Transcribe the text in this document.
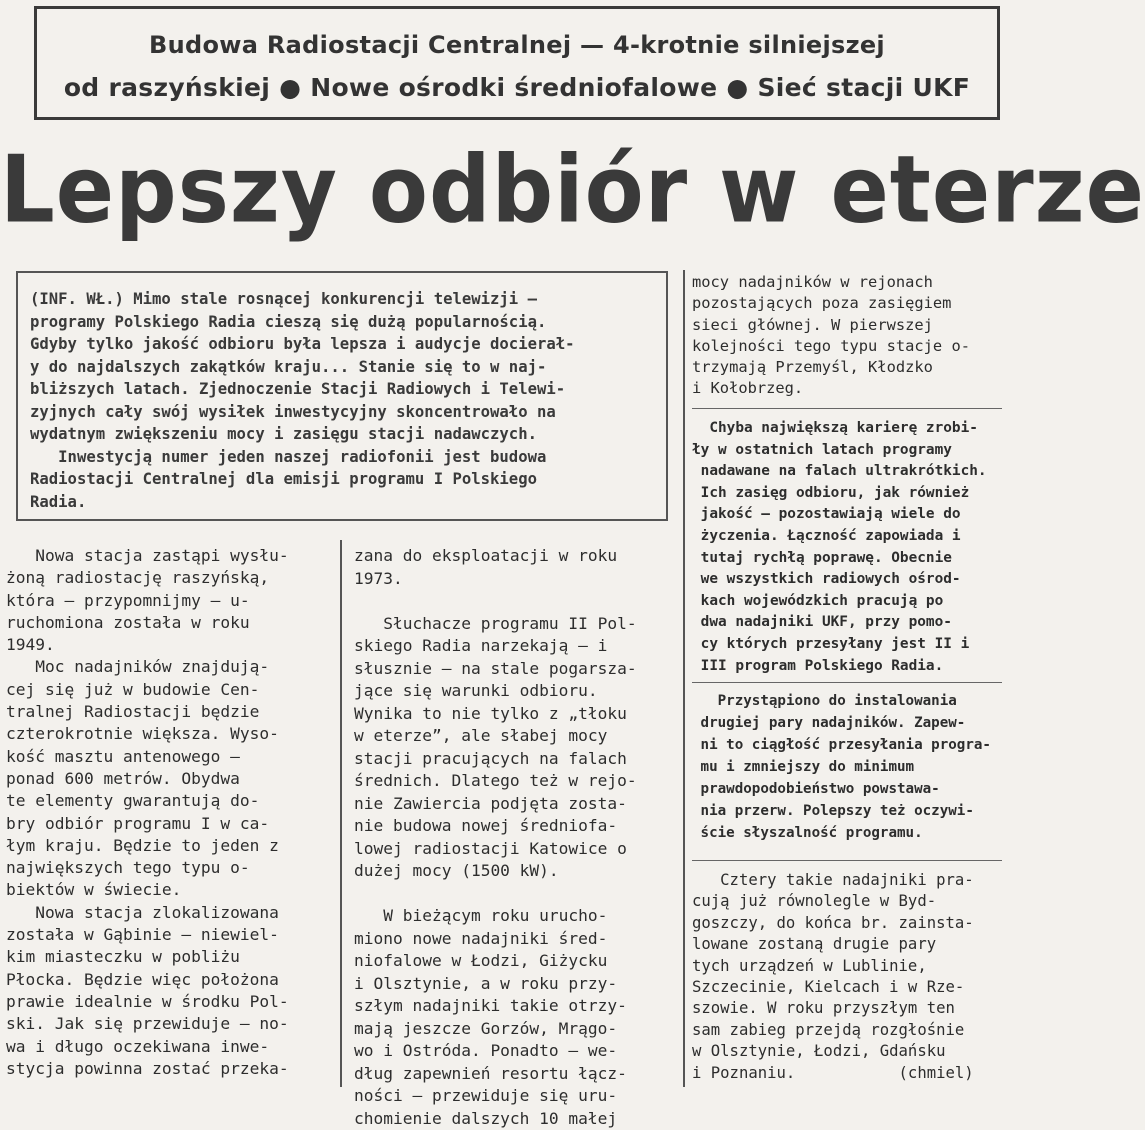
Budowa Radiostacji Centralnej — 4-krotnie silniejszej
od raszyńskiej ● Nowe ośrodki średniofalowe ● Sieć stacji UKF
Lepszy odbiór w eterze
(INF. WŁ.) Mimo stale rosnącej konkurencji telewizji —
programy Polskiego Radia cieszą się dużą popularnością.
Gdyby tylko jakość odbioru była lepsza i audycje docierał-
y do najdalszych zakątków kraju... Stanie się to w naj-
bliższych latach. Zjednoczenie Stacji Radiowych i Telewi-
zyjnych cały swój wysiłek inwestycyjny skoncentrowało na
wydatnym zwiększeniu mocy i zasięgu stacji nadawczych.
Inwestycją numer jeden naszej radiofonii jest budowa
Radiostacji Centralnej dla emisji programu I Polskiego
Radia.
Nowa stacja zastąpi wysłu-
żoną radiostację raszyńską,
która — przypomnijmy — u-
ruchomiona została w roku
1949.
Moc nadajników znajdują-
cej się już w budowie Cen-
tralnej Radiostacji będzie
czterokrotnie większa. Wyso-
kość masztu antenowego —
ponad 600 metrów. Obydwa
te elementy gwarantują do-
bry odbiór programu I w ca-
łym kraju. Będzie to jeden z
największych tego typu o-
biektów w świecie.
Nowa stacja zlokalizowana
została w Gąbinie — niewiel-
kim miasteczku w pobliżu
Płocka. Będzie więc położona
prawie idealnie w środku Pol-
ski. Jak się przewiduje — no-
wa i długo oczekiwana inwe-
stycja powinna zostać przeka-
zana do eksploatacji w roku
1973.

Słuchacze programu II Pol-
skiego Radia narzekają — i
słusznie — na stale pogarsza-
jące się warunki odbioru.
Wynika to nie tylko z „tłoku
w eterze”, ale słabej mocy
stacji pracujących na falach
średnich. Dlatego też w rejo-
nie Zawiercia podjęta zosta-
nie budowa nowej średniofa-
lowej radiostacji Katowice o
dużej mocy (1500 kW).

W bieżącym roku urucho-
miono nowe nadajniki śred-
niofalowe w Łodzi, Giżycku
i Olsztynie, a w roku przy-
szłym nadajniki takie otrzy-
mają jeszcze Gorzów, Mrągo-
wo i Ostróda. Ponadto — we-
dług zapewnień resortu łącz-
ności — przewiduje się uru-
chomienie dalszych 10 małej
mocy nadajników w rejonach
pozostających poza zasięgiem
sieci głównej. W pierwszej
kolejności tego typu stacje o-
trzymają Przemyśl, Kłodzko
i Kołobrzeg.
Chyba największą karierę zrobi-
ły w ostatnich latach programy
nadawane na falach ultrakrótkich.
Ich zasięg odbioru, jak również
jakość — pozostawiają wiele do
życzenia. Łączność zapowiada i
tutaj rychłą poprawę. Obecnie
we wszystkich radiowych ośrod-
kach wojewódzkich pracują po
dwa nadajniki UKF, przy pomo-
cy których przesyłany jest II i
III program Polskiego Radia.
Przystąpiono do instalowania
drugiej pary nadajników. Zapew-
ni to ciągłość przesyłania progra-
mu i zmniejszy do minimum
prawdopodobieństwo powstawa-
nia przerw. Polepszy też oczywi-
ście słyszalność programu.
Cztery takie nadajniki pra-
cują już równolegle w Byd-
goszczy, do końca br. zainsta-
lowane zostaną drugie pary
tych urządzeń w Lublinie,
Szczecinie, Kielcach i w Rze-
szowie. W roku przyszłym ten
sam zabieg przejdą rozgłośnie
w Olsztynie, Łodzi, Gdańsku
i Poznaniu.           (chmiel)
